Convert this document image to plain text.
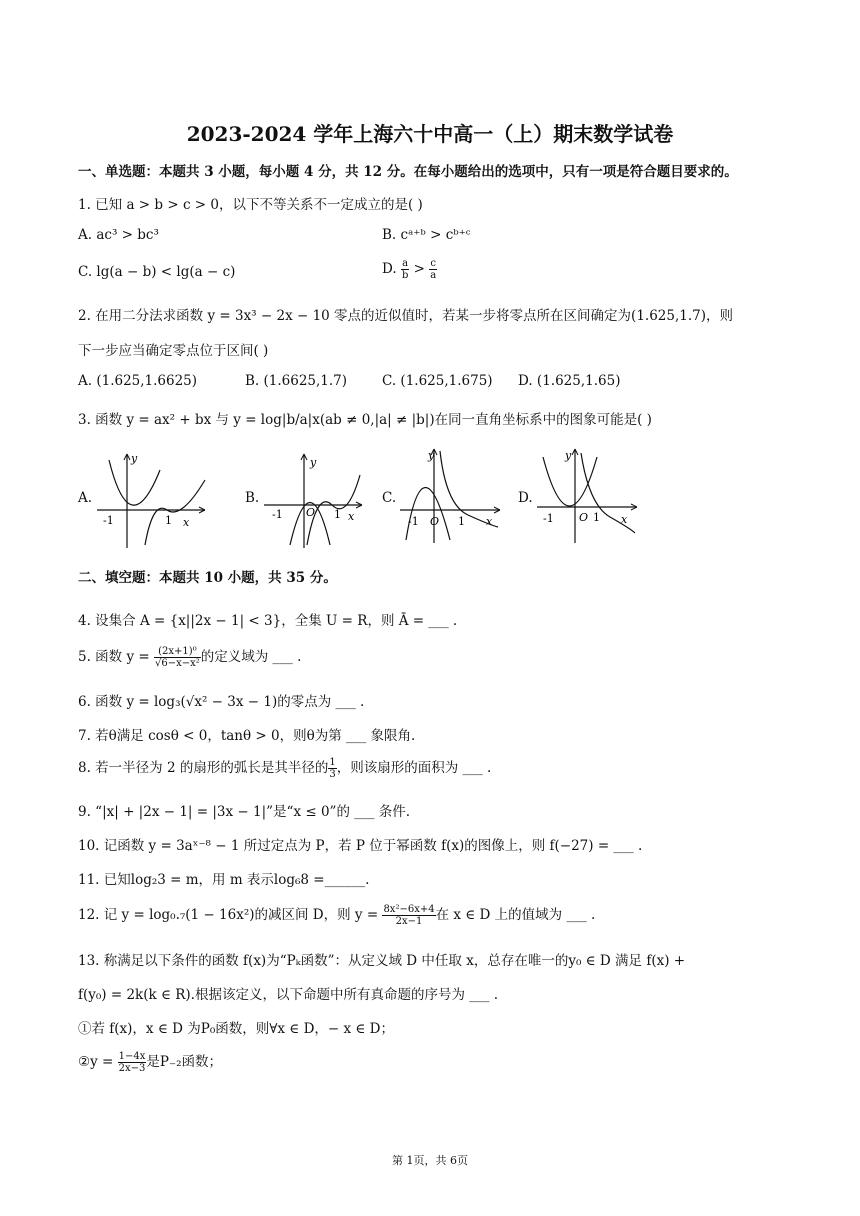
2023-2024 学年上海六十中高一（上）期末数学试卷
一、单选题：本题共 3 小题，每小题 4 分，共 12 分。在每小题给出的选项中，只有一项是符合题目要求的。
1. 已知 a > b > c > 0，以下不等关系不一定成立的是( )
A. ac³ > bc³	B. cᵃ⁺ᵇ > cᵇ⁺ᶜ
C. lg(a − b) < lg(a − c)	D. $\frac{a}{b} > \frac{c}{a}$
2. 在用二分法求函数 y = 3x³ − 2x − 10 零点的近似值时，若某一步将零点所在区间确定为(1.625,1.7)，则
下一步应当确定零点位于区间( )
A. (1.625,1.6625)	B. (1.6625,1.7)	C. (1.625,1.675) D. (1.625,1.65)
3. 函数 y = ax² + bx 与 y = log|b/a|x(ab ≠ 0,|a| ≠ |b|)在同一直角坐标系中的图象可能是( )
A.
y
-1	1 x
B.
y
-1 O 1 x
C.
y
-1 O 1 x
D.
y
-1 O 1 x
二、填空题：本题共 10 小题，共 35 分。
4. 设集合 A = {x||2x − 1| < 3}，全集 U = R，则 Ā = ___ .
5. 函数 $y = \frac{\text{(2x+1)⁰}}{\text{√6−x−x²}}$ 的定义域为 ___ .
6. 函数 y = log₃(√x² − 3x − 1)的零点为 ___ .
7. 若θ满足 cosθ < 0，tanθ > 0，则θ为第 ___ 象限角.
8. 若一半径为 2 的扇形的弧长是其半径的 $\frac{1}{3}$ ，则该扇形的面积为 ___ .
9. “|x| + |2x − 1| = |3x − 1|”是“x ≤ 0”的 ___ 条件.
10. 记函数 y = 3aˣ⁻⁸ − 1 所过定点为 P，若 P 位于幂函数 f(x)的图像上，则 f(−27) = ___ .
11. 已知log₂3 = m，用 m 表示log₆8 =______.
12. 记 y = log₀.₇(1 − 16x²)的减区间 D，则 $y = \frac{\text{8x²−6x+4}}{2x-1}$ 在 x ∈ D 上的值域为 ___ .
13. 称满足以下条件的函数 f(x)为“Pₖ函数”：从定义域 D 中任取 x，总存在唯一的y₀ ∈ D 满足 f(x) +
f(y₀) = 2k(k ∈ R).根据该定义，以下命题中所有真命题的序号为 ___ .
①若 f(x)，x ∈ D 为P₀函数，则∀x ∈ D，− x ∈ D；
②y = $\frac{1-4x}{2x-3}$ 是P₋₂函数；
第 1页，共 6页
